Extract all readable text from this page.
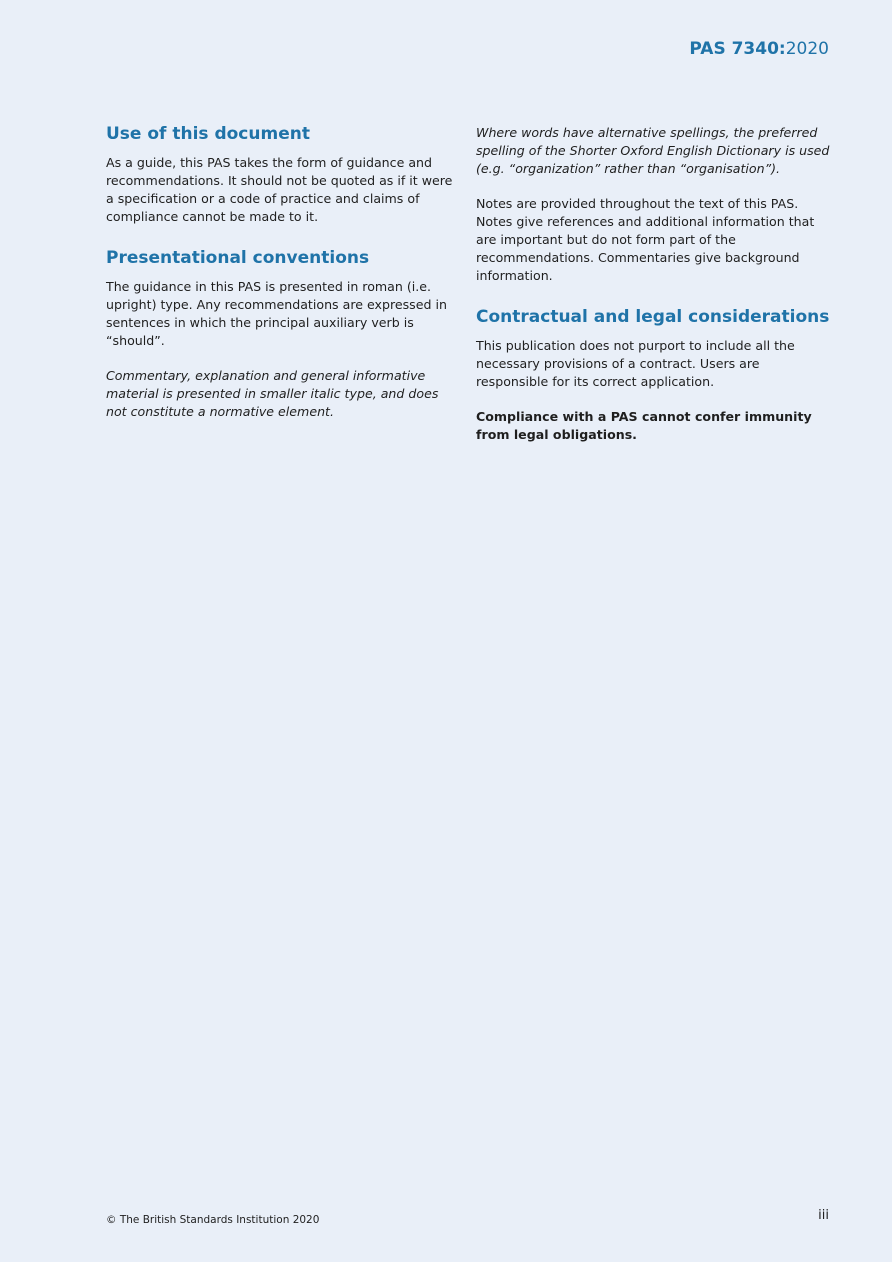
PAS 7340:2020
Use of this document

As a guide, this PAS takes the form of guidance and recommendations. It should not be quoted as if it were a specification or a code of practice and claims of compliance cannot be made to it.

Presentational conventions

The guidance in this PAS is presented in roman (i.e. upright) type. Any recommendations are expressed in sentences in which the principal auxiliary verb is “should”.

Commentary, explanation and general informative material is presented in smaller italic type, and does not constitute a normative element.

Where words have alternative spellings, the preferred spelling of the Shorter Oxford English Dictionary is used (e.g. “organization” rather than “organisation”).

Notes are provided throughout the text of this PAS. Notes give references and additional information that are important but do not form part of the recommendations. Commentaries give background information.

Contractual and legal considerations

This publication does not purport to include all the necessary provisions of a contract. Users are responsible for its correct application.

Compliance with a PAS cannot confer immunity from legal obligations.

© The British Standards Institution 2020	iii
